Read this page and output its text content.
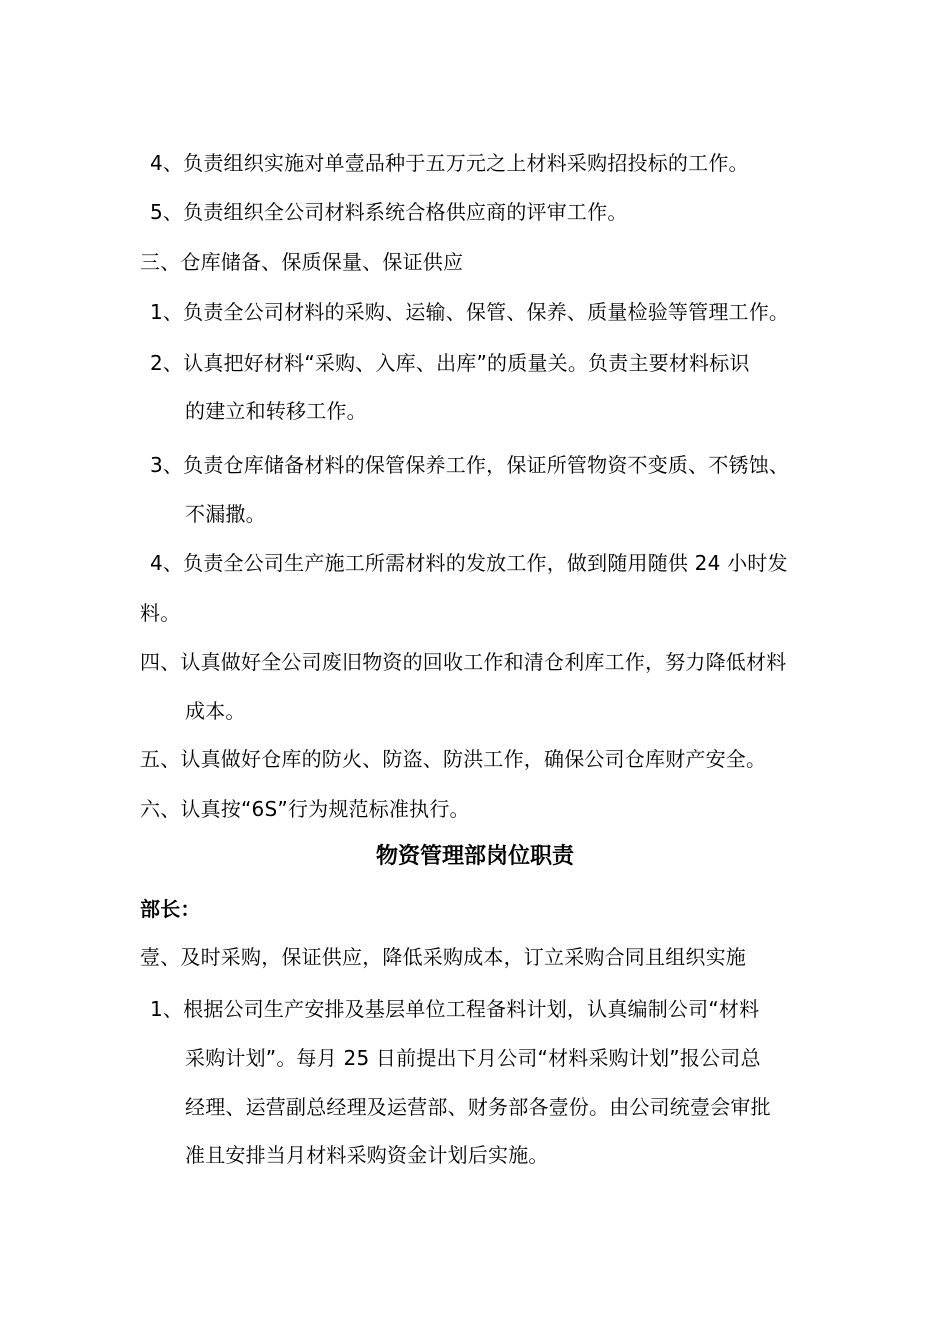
4、负责组织实施对单壹品种于五万元之上材料采购招投标的工作。
5、负责组织全公司材料系统合格供应商的评审工作。
三、仓库储备、保质保量、保证供应
1、负责全公司材料的采购、运输、保管、保养、质量检验等管理工作。
2、认真把好材料“采购、入库、出库”的质量关。负责主要材料标识
的建立和转移工作。
3、负责仓库储备材料的保管保养工作，保证所管物资不变质、不锈蚀、
不漏撒。
4、负责全公司生产施工所需材料的发放工作，做到随用随供 24 小时发
料。
四、认真做好全公司废旧物资的回收工作和清仓利库工作，努力降低材料
成本。
五、认真做好仓库的防火、防盗、防洪工作，确保公司仓库财产安全。
六、认真按“6S”行为规范标准执行。
物资管理部岗位职责
部长：
壹、及时采购，保证供应，降低采购成本，订立采购合同且组织实施
1、根据公司生产安排及基层单位工程备料计划，认真编制公司“材料
采购计划”。每月 25 日前提出下月公司“材料采购计划”报公司总
经理、运营副总经理及运营部、财务部各壹份。由公司统壹会审批
准且安排当月材料采购资金计划后实施。
